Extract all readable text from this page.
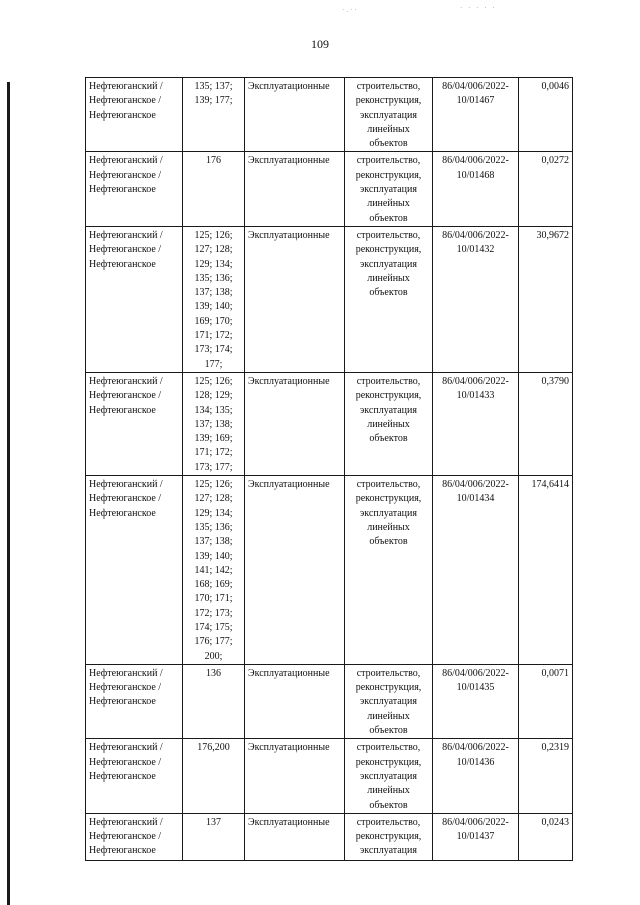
·.··	· · · · ·
109
Нефтеюганский /Нефтеюганское /Нефтеюганское	135; 137; 139; 177;	Эксплуатационные	строительство, реконструкция, эксплуатация линейных объектов	86/04/006/2022-10/01467	0,0046
Нефтеюганский /Нефтеюганское /Нефтеюганское	176	Эксплуатационные	строительство, реконструкция, эксплуатация линейных объектов	86/04/006/2022-10/01468	0,0272
Нефтеюганский /Нефтеюганское /Нефтеюганское	125; 126; 127; 128; 129; 134; 135; 136; 137; 138; 139; 140; 169; 170; 171; 172; 173; 174; 177;	Эксплуатационные	строительство, реконструкция, эксплуатация линейных объектов	86/04/006/2022-10/01432	30,9672
Нефтеюганский /Нефтеюганское /Нефтеюганское	125; 126; 128; 129; 134; 135; 137; 138; 139; 169; 171; 172; 173; 177;	Эксплуатационные	строительство, реконструкция, эксплуатация линейных объектов	86/04/006/2022-10/01433	0,3790
Нефтеюганский /Нефтеюганское /Нефтеюганское	125; 126; 127; 128; 129; 134; 135; 136; 137; 138; 139; 140; 141; 142; 168; 169; 170; 171; 172; 173; 174; 175; 176; 177; 200;	Эксплуатационные	строительство, реконструкция, эксплуатация линейных объектов	86/04/006/2022-10/01434	174,6414
Нефтеюганский /Нефтеюганское /Нефтеюганское	136	Эксплуатационные	строительство, реконструкция, эксплуатация линейных объектов	86/04/006/2022-10/01435	0,0071
Нефтеюганский /Нефтеюганское /Нефтеюганское	176,200	Эксплуатационные	строительство, реконструкция, эксплуатация линейных объектов	86/04/006/2022-10/01436	0,2319
Нефтеюганский /Нефтеюганское /Нефтеюганское	137	Эксплуатационные	строительство, реконструкция, эксплуатация	86/04/006/2022-10/01437	0,0243
